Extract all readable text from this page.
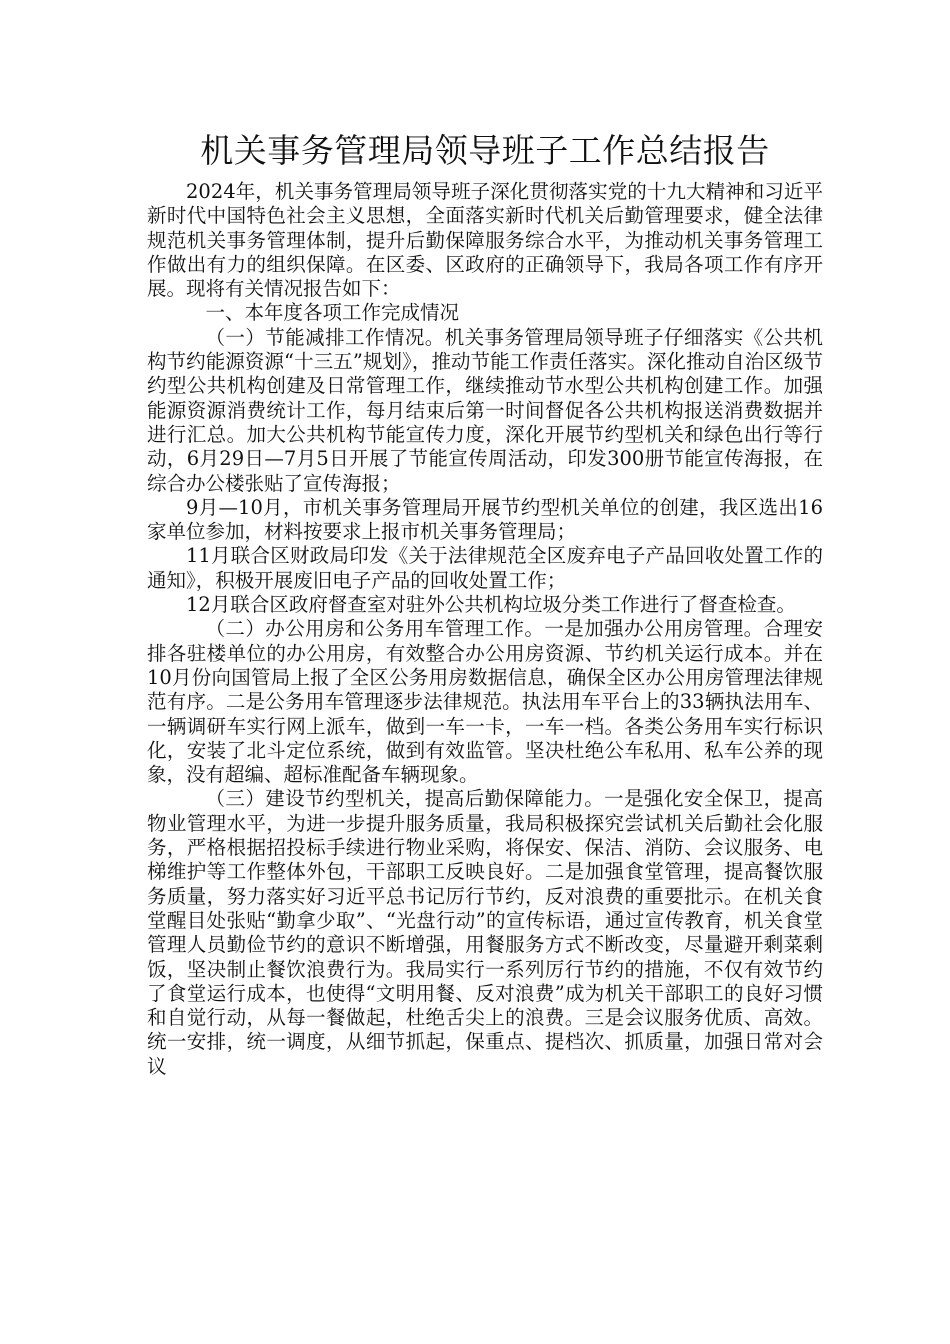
机关事务管理局领导班子工作总结报告

2024年，机关事务管理局领导班子深化贯彻落实党的十九大精神和习近平新时代中国特色社会主义思想，全面落实新时代机关后勤管理要求，健全法律规范机关事务管理体制，提升后勤保障服务综合水平，为推动机关事务管理工作做出有力的组织保障。在区委、区政府的正确领导下，我局各项工作有序开展。现将有关情况报告如下：

一、本年度各项工作完成情况

（一）节能减排工作情况。机关事务管理局领导班子仔细落实《公共机构节约能源资源“十三五”规划》，推动节能工作责任落实。深化推动自治区级节约型公共机构创建及日常管理工作，继续推动节水型公共机构创建工作。加强能源资源消费统计工作，每月结束后第一时间督促各公共机构报送消费数据并进行汇总。加大公共机构节能宣传力度，深化开展节约型机关和绿色出行等行动，6月29日—7月5日开展了节能宣传周活动，印发300册节能宣传海报，在综合办公楼张贴了宣传海报；

9月—10月，市机关事务管理局开展节约型机关单位的创建，我区选出16家单位参加，材料按要求上报市机关事务管理局；

11月联合区财政局印发《关于法律规范全区废弃电子产品回收处置工作的通知》，积极开展废旧电子产品的回收处置工作；

12月联合区政府督查室对驻外公共机构垃圾分类工作进行了督查检查。

（二）办公用房和公务用车管理工作。一是加强办公用房管理。合理安排各驻楼单位的办公用房，有效整合办公用房资源、节约机关运行成本。并在10月份向国管局上报了全区公务用房数据信息，确保全区办公用房管理法律规范有序。二是公务用车管理逐步法律规范。执法用车平台上的33辆执法用车、一辆调研车实行网上派车，做到一车一卡，一车一档。各类公务用车实行标识化，安装了北斗定位系统，做到有效监管。坚决杜绝公车私用、私车公养的现象，没有超编、超标准配备车辆现象。

（三）建设节约型机关，提高后勤保障能力。一是强化安全保卫，提高物业管理水平，为进一步提升服务质量，我局积极探究尝试机关后勤社会化服务，严格根据招投标手续进行物业采购，将保安、保洁、消防、会议服务、电梯维护等工作整体外包，干部职工反映良好。二是加强食堂管理，提高餐饮服务质量，努力落实好习近平总书记厉行节约，反对浪费的重要批示。在机关食堂醒目处张贴“勤拿少取”、“光盘行动”的宣传标语，通过宣传教育，机关食堂管理人员勤俭节约的意识不断增强，用餐服务方式不断改变，尽量避开剩菜剩饭，坚决制止餐饮浪费行为。我局实行一系列厉行节约的措施，不仅有效节约了食堂运行成本，也使得“文明用餐、反对浪费”成为机关干部职工的良好习惯和自觉行动，从每一餐做起，杜绝舌尖上的浪费。三是会议服务优质、高效。统一安排，统一调度，从细节抓起，保重点、提档次、抓质量，加强日常对会议
